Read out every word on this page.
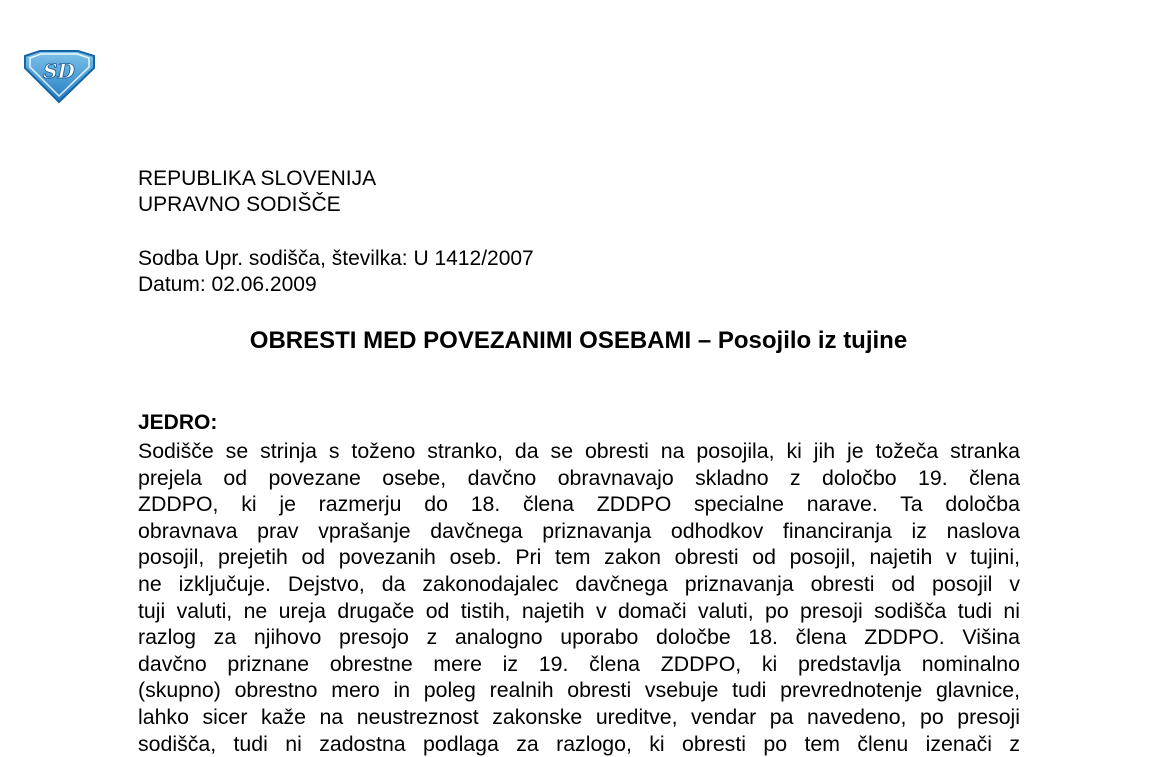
SD
REPUBLIKA SLOVENIJA
UPRAVNO SODIŠČE
Sodba Upr. sodišča, številka: U 1412/2007
Datum: 02.06.2009
OBRESTI MED POVEZANIMI OSEBAMI – Posojilo iz tujine
JEDRO:
Sodišče se strinja s toženo stranko, da se obresti na posojila, ki jih je tožeča stranka
prejela od povezane osebe, davčno obravnavajo skladno z določbo 19. člena
ZDDPO, ki je razmerju do 18. člena ZDDPO specialne narave. Ta določba
obravnava prav vprašanje davčnega priznavanja odhodkov financiranja iz naslova
posojil, prejetih od povezanih oseb. Pri tem zakon obresti od posojil, najetih v tujini,
ne izključuje. Dejstvo, da zakonodajalec davčnega priznavanja obresti od posojil v
tuji valuti, ne ureja drugače od tistih, najetih v domači valuti, po presoji sodišča tudi ni
razlog za njihovo presojo z analogno uporabo določbe 18. člena ZDDPO. Višina
davčno priznane obrestne mere iz 19. člena ZDDPO, ki predstavlja nominalno
(skupno) obrestno mero in poleg realnih obresti vsebuje tudi prevrednotenje glavnice,
lahko sicer kaže na neustreznost zakonske ureditve, vendar pa navedeno, po presoji
sodišča, tudi ni zadostna podlaga za razlogo, ki obresti po tem členu izenači z
